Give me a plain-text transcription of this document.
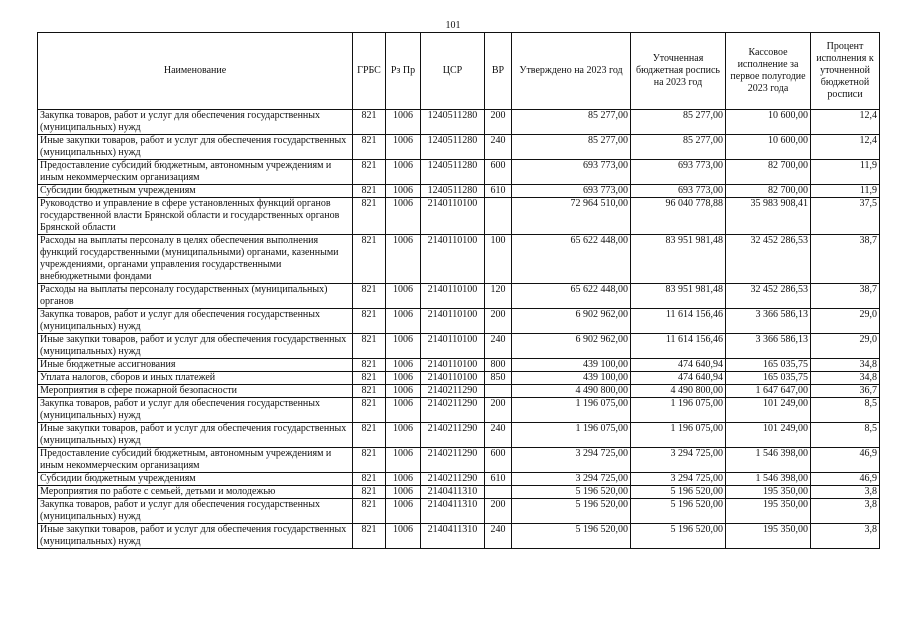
101
Наименование	ГРБС	Рз Пр	ЦСР	ВР	Утверждено на 2023 год	Уточненная бюджетная роспись на 2023 год	Кассовое исполнение за первое полугодие 2023 года	Процент исполнения к уточненной бюджетной росписи
Закупка товаров, работ и услуг для обеспечения государственных (муниципальных) нужд	821	1006	1240511280	200	85 277,00	85 277,00	10 600,00	12,4
Иные закупки товаров, работ и услуг для обеспечения государственных (муниципальных) нужд	821	1006	1240511280	240	85 277,00	85 277,00	10 600,00	12,4
Предоставление субсидий бюджетным, автономным учреждениям и иным некоммерческим организациям	821	1006	1240511280	600	693 773,00	693 773,00	82 700,00	11,9
Субсидии бюджетным учреждениям	821	1006	1240511280	610	693 773,00	693 773,00	82 700,00	11,9
Руководство и управление в сфере установленных функций органов государственной власти Брянской области и государственных органов Брянской области	821	1006	2140110100		72 964 510,00	96 040 778,88	35 983 908,41	37,5
Расходы на выплаты персоналу в целях обеспечения выполнения функций государственными (муниципальными) органами, казенными учреждениями, органами управления государственными внебюджетными фондами	821	1006	2140110100	100	65 622 448,00	83 951 981,48	32 452 286,53	38,7
Расходы на выплаты персоналу государственных (муниципальных) органов	821	1006	2140110100	120	65 622 448,00	83 951 981,48	32 452 286,53	38,7
Закупка товаров, работ и услуг для обеспечения государственных (муниципальных) нужд	821	1006	2140110100	200	6 902 962,00	11 614 156,46	3 366 586,13	29,0
Иные закупки товаров, работ и услуг для обеспечения государственных (муниципальных) нужд	821	1006	2140110100	240	6 902 962,00	11 614 156,46	3 366 586,13	29,0
Иные бюджетные ассигнования	821	1006	2140110100	800	439 100,00	474 640,94	165 035,75	34,8
Уплата налогов, сборов и иных платежей	821	1006	2140110100	850	439 100,00	474 640,94	165 035,75	34,8
Мероприятия в сфере пожарной безопасности	821	1006	2140211290		4 490 800,00	4 490 800,00	1 647 647,00	36,7
Закупка товаров, работ и услуг для обеспечения государственных (муниципальных) нужд	821	1006	2140211290	200	1 196 075,00	1 196 075,00	101 249,00	8,5
Иные закупки товаров, работ и услуг для обеспечения государственных (муниципальных) нужд	821	1006	2140211290	240	1 196 075,00	1 196 075,00	101 249,00	8,5
Предоставление субсидий бюджетным, автономным учреждениям и иным некоммерческим организациям	821	1006	2140211290	600	3 294 725,00	3 294 725,00	1 546 398,00	46,9
Субсидии бюджетным учреждениям	821	1006	2140211290	610	3 294 725,00	3 294 725,00	1 546 398,00	46,9
Мероприятия по работе с семьей, детьми и молодежью	821	1006	2140411310		5 196 520,00	5 196 520,00	195 350,00	3,8
Закупка товаров, работ и услуг для обеспечения государственных (муниципальных) нужд	821	1006	2140411310	200	5 196 520,00	5 196 520,00	195 350,00	3,8
Иные закупки товаров, работ и услуг для обеспечения государственных (муниципальных) нужд	821	1006	2140411310	240	5 196 520,00	5 196 520,00	195 350,00	3,8
